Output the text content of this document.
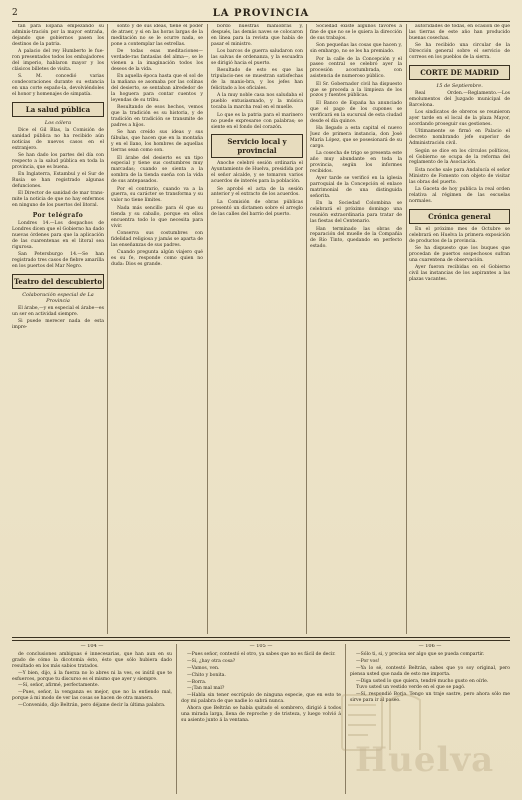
2	LA PROVINCIA

tan para España empezando su adminis-tración por la mayor entraña, dejando que gobiernos pasen los destinos de la patria.

A palacio del rey Humberto le fue-ron presentados todos los embajadores del imperio, hablaron mayor y los clásicos billetes de visita.

S. M. concedió varias condecoraciones durante su estancia en una corte españo-la, devolviéndoles el honor y homenajes de simpatía.

La salud pública
Los cólera

Dice el Gil Blas, la Comisión de sanidad pública no ha recibido aún noticias de nuevos casos en el extranjero.

Se han dado los partes del día con respecto a la salud pública en toda la provincia, que es buena.

En Inglaterra, Estambul y el Sur de Rusia se han registrado algunas defunciones.

El Director de sanidad de mar trans-mite la noticia de que no hay enfermos en ninguno de los puertos del litoral.

Por telégrafo

Londres 14.—Los despachos de Londres dicen que el Gobierno ha dado nuevas órdenes para que la aplicación de las cuarentenas en el litoral sea rigurosa.

San Petersburgo 14.—Se han registrado tres casos de fiebre amarilla en los puertos del Mar Negro.

Teatro del descubierto
Colaboración especial de La Provincia

El árabe,—y en especial el árabe—es un ser en actividad siempre.

Si puede merecer nada de esta impre-

sonto y de sus ideas, tiene el poder de atraer, y si en las horas largas de la meditación no se le ocurre nada, se pone a contemplar las estrellas.

De todas esas meditaciones—verdade-ras fantasías del alma—, se le vienen a la imaginación todos los deseos de la vida.

En aquella época hasta que el sol de la mañana se asomaba por las colinas del desierto, se sentaban alrededor de la hoguera para contar cuentos y leyendas de su tribu.

Resultando de esos hechos, vemos que la tradición es su historia, y de tradición en tradición se transmite de padres a hijos.

Se han creído sus ideas y sus fábulas, que hacen que en la montaña y en el llano, los hombres de aquellas tierras sean como son.

El árabe del desierto es un tipo especial y tiene sus costumbres muy marcadas; cuando se sienta a la sombra de la tienda sueña con la vida de sus antepasados.

Por el contrario, cuando va a la guerra, su carácter se transforma y su valor no tiene límites.

Nada más sencillo para él que su tienda y su caballo, porque en ellos encuentra todo lo que necesita para vivir.

Conserva sus costumbres con fidelidad religiosa y jamás se aparta de las enseñanzas de sus padres.

Cuando pregunta algún viajero qué es su fe, responde como quien no duda: Dios es grande.

bordo nuestras maniobras y, después, las demás naves se colocaron en línea para la revista que había de pasar el ministro.

Los barcos de guerra saludaron con las salvas de ordenanza, y la escuadra se dirigió hacia el puerto.

Resultado de esto es que las tripulacio-nes se muestran satisfechas de la manio-bra, y los jefes han felicitado a los oficiales.

A la muy noble casa nos saludaba el pueblo entusiasmado, y la música tocaba la marcha real en el muelle.

Lo que es la patria para el marinero no puede expresarse con palabras; se siente en el fondo del corazón.

Servicio local y provincial

Anoche celebró sesión ordinaria el Ayuntamiento de Huelva, presidida por el señor alcalde, y se tomaron varios acuerdos de interés para la población.

Se aprobó el acta de la sesión anterior y el extracto de los acuerdos.

La Comisión de obras públicas presentó un dictamen sobre el arreglo de las calles del barrio del puerto.

Sociedad existe algunos favores a fine de que no se le quiera la dirección de sus trabajos.

Son pequeñas las cosas que hacen y, sin embargo, no se les ha premiado.

Por la calle de la Concepción y el paseo central se celebró ayer la procesión acostumbrada, con asistencia de numeroso público.

El Sr. Gobernador civil ha dispuesto que se proceda a la limpieza de los pozos y fuentes públicas.

El Banco de España ha anunciado que el pago de los cupones se verificará en la sucursal de esta ciudad desde el día quince.

Ha llegado a esta capital el nuevo Juez de primera instancia, don José María López, que se posesionará de su cargo.

La cosecha de trigo se presenta este año muy abundante en toda la provincia, según los informes recibidos.

Ayer tarde se verificó en la iglesia parroquial de la Concepción el enlace matrimonial de una distinguida señorita.

En la Sociedad Colombina se celebrará el próximo domingo una reunión extraordinaria para tratar de las fiestas del Centenario.

Han terminado las obras de reparación del muelle de la Compañía de Río Tinto, quedando en perfecto estado.

autoridades de todas, en ocasión de que las tierras de este año han producido buenas cosechas.

Se ha recibido una circular de la Dirección general sobre el servicio de correos en los pueblos de la sierra.

CORTE DE MADRID
15 de Septiembre.

Real Orden.—Reglamento.—Los emolumentos del Juzgado municipal de Barcelona.

Los sindicatos de obreros se reunieron ayer tarde en el local de la plaza Mayor, acordando proseguir sus gestiones.

Ultimamente se firmó en Palacio el decreto nombrando jefe superior de Administración civil.

Según se dice en los círculos políticos, el Gobierno se ocupa de la reforma del reglamento de la Asociación.

Esta noche sale para Andalucía el señor Ministro de Fomento con objeto de visitar las obras del puerto.

La Gaceta de hoy publica la real orden relativa al régimen de las escuelas normales.

Crónica general

En el próximo mes de Octubre se celebrará en Huelva la primera exposición de productos de la provincia.

Se ha dispuesto que los buques que procedan de puertos sospechosos sufran una cuarentena de observación.

Ayer fueron recibidas en el Gobierno civil las instancias de los aspirantes a las plazas vacantes.

— 104 —

de conclusiones ambiguas é innecesarias, que han aun en su grado de cómo la dicotomía ésto, ésto que sólo hubiera dado resultado en los más sabios tratados.

—Y bien, dijo, á la fuerza no lo abres ni la ves, es inútil que te esfuerces, porque tu discurso es el mismo que ayer y siempre.

—Sí, señor, afirmé, perfectamente.

—Pues, señor, la venganza es mejor, que no la entiendo mal, porque á mi modo de ver las cosas se hacen de otra manera.

—Convenido, dijo Beltrán, pero déjame decir la última palabra.

— 105 —

—Pues señor, contestó el otro, ya sabes que no es fácil de decir.

—Si, ¿hay otra cosa?

—Vamos, ven.

—Chito y bonita.

—Borra.

—¡Tan mal mal?

—Habla sin tener escrúpulo de ninguna especie, que en esto te doy mi palabra de que nadie lo sabrá nunca.

Ahora que Beltrán se había quitado el sombrero, dirigió á todos una mirada larga, llena de reproche y de tristeza, y luego volvió á su asiento junto á la ventana.

— 106 —

—Sólo ti, si, y precisa ser algo que se pueda compartir.

—Por vos!

—Ya lo sé, contestó Beltrán, sabes que yo soy original, pero piensa usted que nada de esto me importa.

—Diga usted lo que quiera, tendré mucho gusto en oírle.

Tuvo usted un vestido verde en el que se pagó.

—Sí, respondió Borja. Tengo un traje sastre, pero ahora sólo me sirve para ir al paseo.

Huelva
